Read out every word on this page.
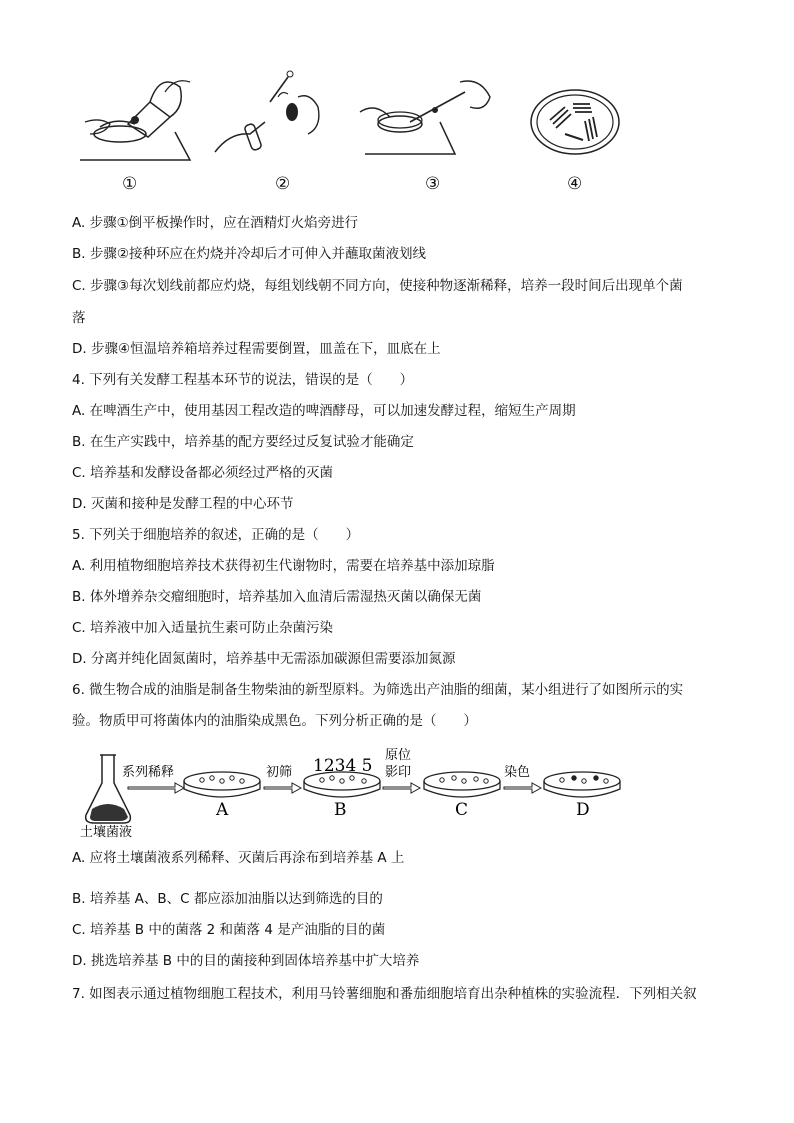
①	②	③	④
A. 步骤①倒平板操作时，应在酒精灯火焰旁进行
B. 步骤②接种环应在灼烧并冷却后才可伸入并蘸取菌液划线
C. 步骤③每次划线前都应灼烧，每组划线朝不同方向，使接种物逐渐稀释，培养一段时间后出现单个菌
落
D. 步骤④恒温培养箱培养过程需要倒置，皿盖在下，皿底在上
4. 下列有关发酵工程基本环节的说法，错误的是（　　）
A. 在啤酒生产中，使用基因工程改造的啤酒酵母，可以加速发酵过程，缩短生产周期
B. 在生产实践中，培养基的配方要经过反复试验才能确定
C. 培养基和发酵设备都必须经过严格的灭菌
D. 灭菌和接种是发酵工程的中心环节
5. 下列关于细胞培养的叙述，正确的是（　　）
A. 利用植物细胞培养技术获得初生代谢物时，需要在培养基中添加琼脂
B. 体外增养杂交瘤细胞时，培养基加入血清后需湿热灭菌以确保无菌
C. 培养液中加入适量抗生素可防止杂菌污染
D. 分离并纯化固氮菌时，培养基中无需添加碳源但需要添加氮源
6. 微生物合成的油脂是制备生物柴油的新型原料。为筛选出产油脂的细菌，某小组进行了如图所示的实
验。物质甲可将菌体内的油脂染成黑色。下列分析正确的是（　　）
土壤菌液
系列稀释
A
初筛 1234 5
B
原位
影印
C
染色
D
A. 应将土壤菌液系列稀释、灭菌后再涂布到培养基 A 上
B. 培养基 A、B、C 都应添加油脂以达到筛选的目的
C. 培养基 B 中的菌落 2 和菌落 4 是产油脂的目的菌
D. 挑选培养基 B 中的目的菌接种到固体培养基中扩大培养
7. 如图表示通过植物细胞工程技术，利用马铃薯细胞和番茄细胞培育出杂种植株的实验流程．下列相关叙
